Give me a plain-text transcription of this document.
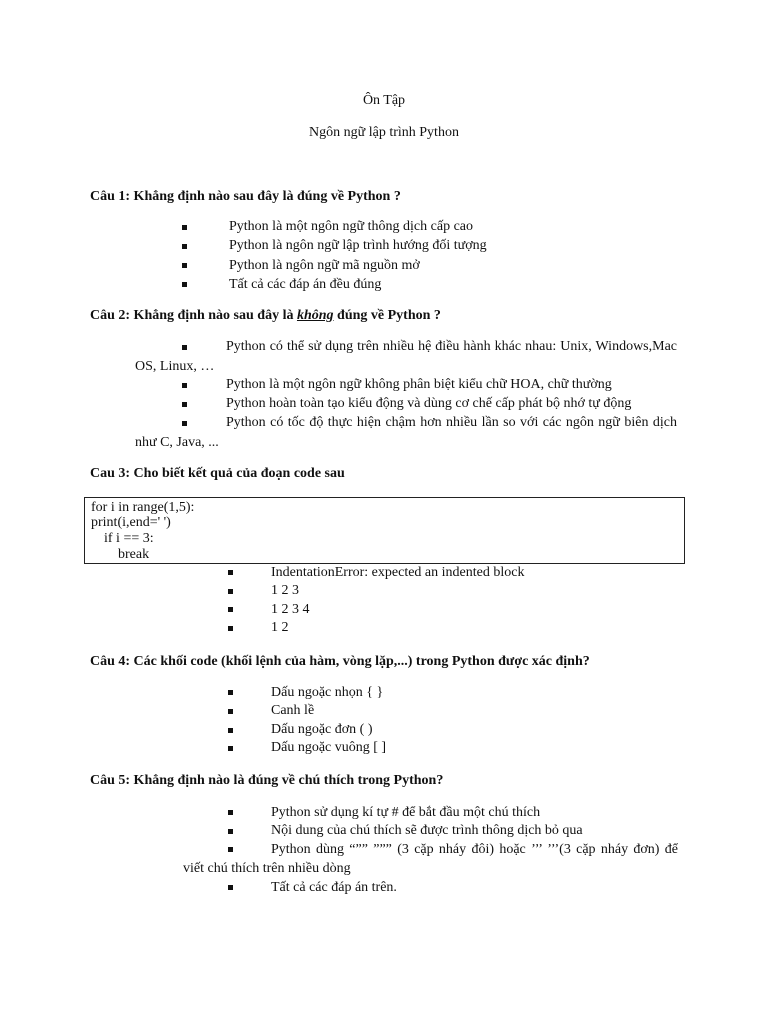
Ôn Tập
Ngôn ngữ lập trình Python
Câu 1: Khẳng định nào sau đây là đúng về Python ?
Python là một ngôn ngữ thông dịch cấp cao
Python là ngôn ngữ lập trình hướng đối tượng
Python là ngôn ngữ mã nguồn mở
Tất cả các đáp án đều đúng
Câu 2: Khẳng định nào sau đây là không đúng về Python ?
Python có thể sử dụng trên nhiều hệ điều hành khác nhau: Unix, Windows,Mac
OS, Linux, …
Python là một ngôn ngữ không phân biệt kiểu chữ HOA, chữ thường
Python hoàn toàn tạo kiểu động và dùng cơ chế cấp phát bộ nhớ tự động
Python có tốc độ thực hiện chậm hơn nhiều lần so với các ngôn ngữ biên dịch
như C, Java, ...
Cau 3: Cho biết kết quả của đoạn code sau
for i in range(1,5):
print(i,end=' ')
if i == 3:
break
IndentationError: expected an indented block
1 2 3
1 2 3 4
1 2
Câu 4: Các khối code (khối lệnh của hàm, vòng lặp,...) trong Python được xác định?
Dấu ngoặc nhọn { }
Canh lề
Dấu ngoặc đơn ( )
Dấu ngoặc vuông [ ]
Câu 5: Khẳng định nào là đúng về chú thích trong Python?
Python sử dụng kí tự # để bắt đầu một chú thích
Nội dung của chú thích sẽ được trình thông dịch bỏ qua
Python dùng “”” ””” (3 cặp nháy đôi) hoặc ’’’ ’’’(3 cặp nháy đơn) để
viết chú thích trên nhiều dòng
Tất cả các đáp án trên.
